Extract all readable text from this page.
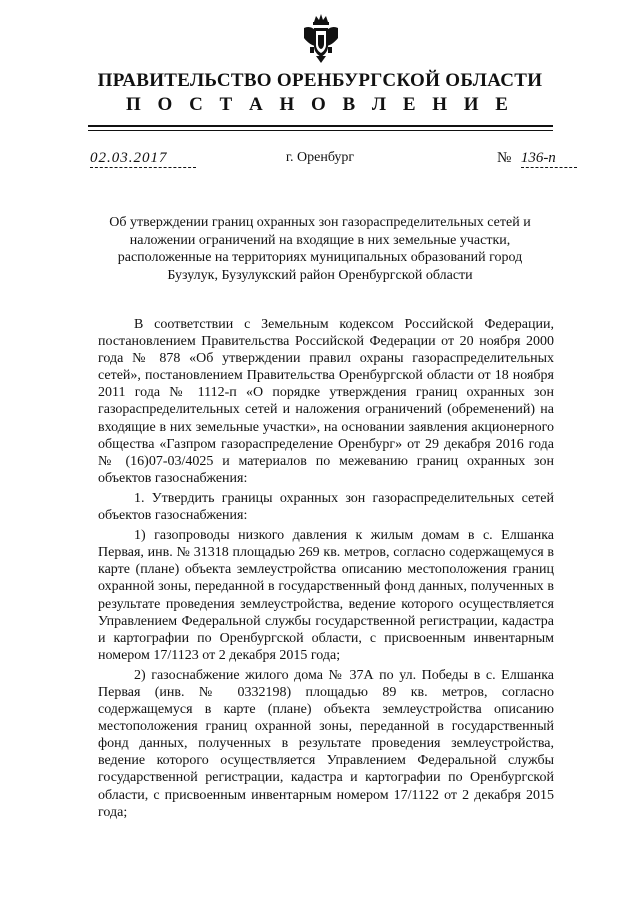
ПРАВИТЕЛЬСТВО ОРЕНБУРГСКОЙ ОБЛАСТИ
П О С Т А Н О В Л Е Н И Е
02.03.2017	г. Оренбург	№ 136-п
Об утверждении границ охранных зон газораспределительных сетей и наложении ограничений на входящие в них земельные участки, расположенные на территориях муниципальных образований город Бузулук, Бузулукский район Оренбургской области

В соответствии с Земельным кодексом Российской Федерации, постановлением Правительства Российской Федерации от 20 ноября 2000 года № 878 «Об утверждении правил охраны газораспределительных сетей», постановлением Правительства Оренбургской области от 18 ноября 2011 года № 1112-п «О порядке утверждения границ охранных зон газораспределительных сетей и наложения ограничений (обременений) на входящие в них земельные участки», на основании заявления акционерного общества «Газпром газораспределение Оренбург» от 29 декабря 2016 года № (16)07-03/4025 и материалов по межеванию границ охранных зон объектов газоснабжения:

1. Утвердить границы охранных зон газораспределительных сетей объектов газоснабжения:

1) газопроводы низкого давления к жилым домам в с. Елшанка Первая, инв. № 31318 площадью 269 кв. метров, согласно содержащемуся в карте (плане) объекта землеустройства описанию местоположения границ охранной зоны, переданной в государственный фонд данных, полученных в результате проведения землеустройства, ведение которого осуществляется Управлением Федеральной службы государственной регистрации, кадастра и картографии по Оренбургской области, с присвоенным инвентарным номером 17/1123 от 2 декабря 2015 года;

2) газоснабжение жилого дома № 37А по ул. Победы в с. Елшанка Первая (инв. № 0332198) площадью 89 кв. метров, согласно содержащемуся в карте (плане) объекта землеустройства описанию местоположения границ охранной зоны, переданной в государственный фонд данных, полученных в результате проведения землеустройства, ведение которого осуществляется Управлением Федеральной службы государственной регистрации, кадастра и картографии по Оренбургской области, с присвоенным инвентарным номером 17/1122 от 2 декабря 2015 года;
